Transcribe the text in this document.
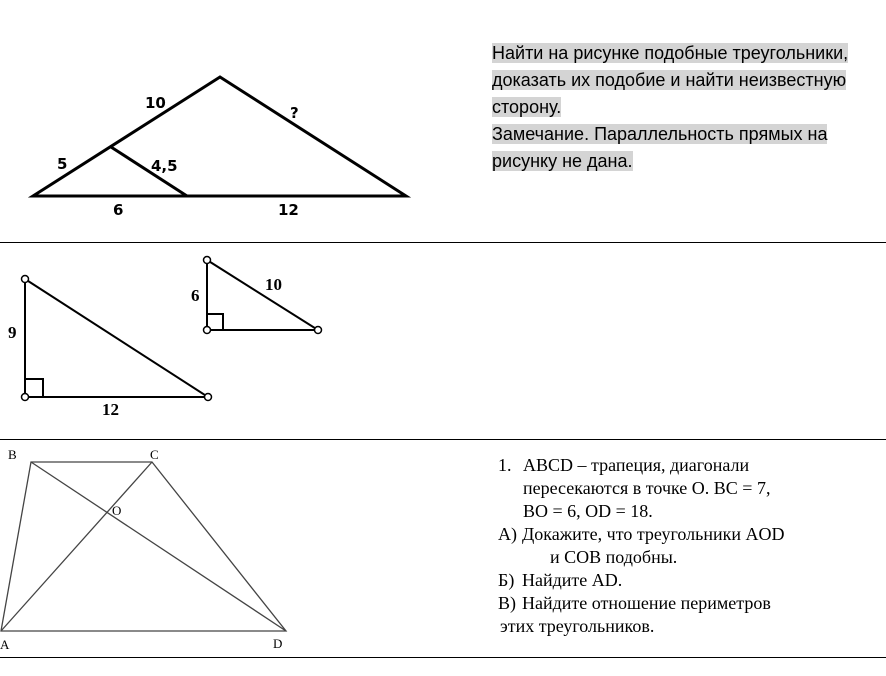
10
?
5	4,5
6	12
Найти на рисунке подобные треугольники,
доказать их подобие и найти неизвестную
сторону.
Замечание. Параллельность прямых на
рисунку не дана.
9
12
6
10
B	C
O
A	D
1. ABCD – трапеция, диагонали
пересекаются в точке O. BC = 7,
BO = 6, OD = 18.
А) Докажите, что треугольники AOD
и COB подобны.
Б) Найдите AD.
В) Найдите отношение периметров
этих треугольников.
